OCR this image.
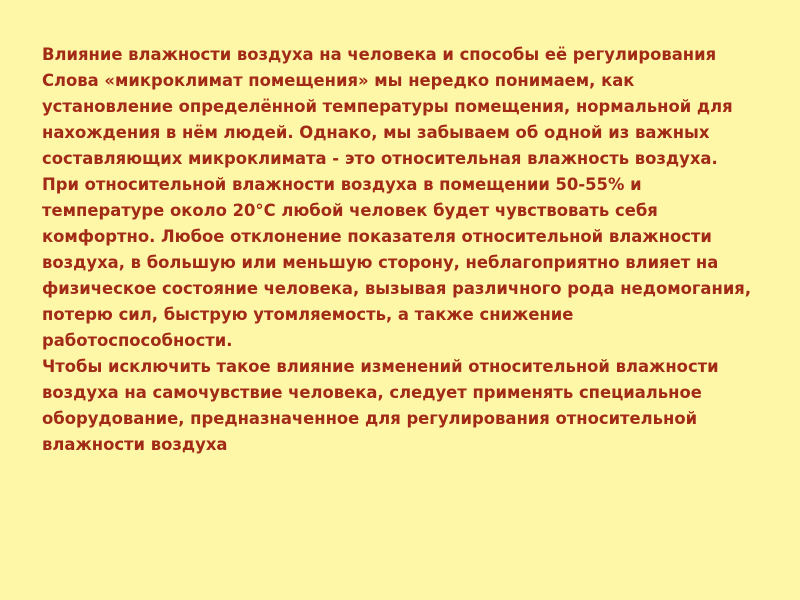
Влияние влажности воздуха на человека и способы её регулирования

Слова «микроклимат помещения» мы нередко понимаем, как установление определённой температуры помещения, нормальной для нахождения в нём людей. Однако, мы забываем об одной из важных составляющих микроклимата - это относительная влажность воздуха.

При относительной влажности воздуха в помещении 50-55% и температуре около 20°С любой человек будет чувствовать себя комфортно. Любое отклонение показателя относительной влажности воздуха, в большую или меньшую сторону, неблагоприятно влияет на физическое состояние человека, вызывая различного рода недомогания, потерю сил, быструю утомляемость, а также снижение работоспособности.

Чтобы исключить такое влияние изменений относительной влажности воздуха на самочувствие человека, следует применять специальное оборудование, предназначенное для регулирования относительной влажности воздуха
